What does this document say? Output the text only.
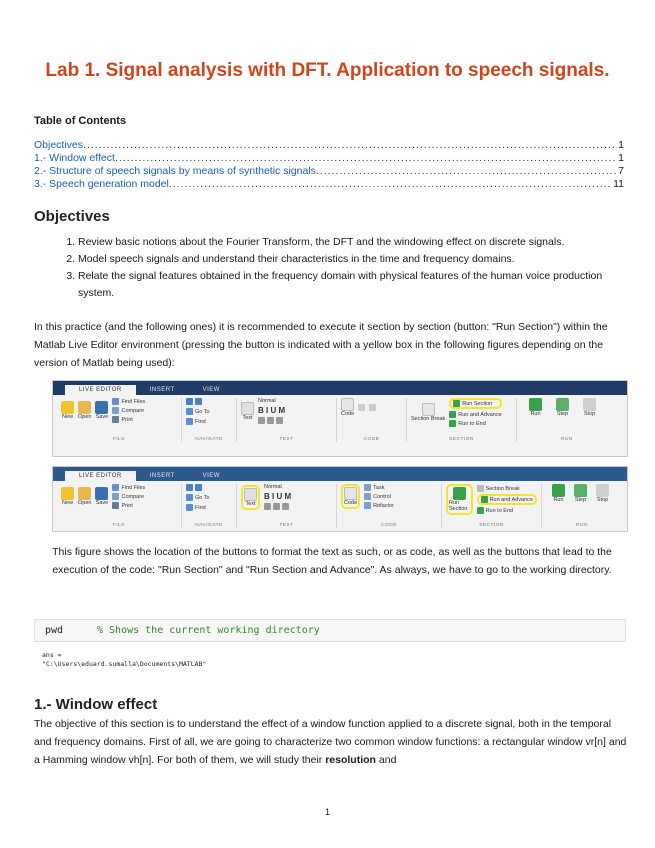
Lab 1. Signal analysis with DFT. Application to speech signals.
Table of Contents
Objectives .....	1
1.- Window effect .....	1
2.- Structure of speech signals by means of synthetic signals .....	7
3.- Speech generation model .....	11
Objectives
1. Review basic notions about the Fourier Transform, the DFT and the windowing effect on discrete signals.
2. Model speech signals and understand their characteristics in the time and frequency domains.
3. Relate the signal features obtained in the frequency domain with physical features of the human voice production system.
In this practice (and the following ones) it is recommended to execute it section by section (button: "Run Section") within the Matlab Live Editor environment (pressing the button is indicated with a yellow box in the following figures depending on the version of Matlab being used):
LIVE EDITOR	INSERT	VIEW
New Open Save
Find Files
Compare
Print
FILE
Go To
Find
NAVIGATE
Text
Normal
B I U M
TEXT
Code
CODE
Section Break
Run Section
Run and Advance
Run to End
SECTION
Run	Step	Stop
RUN
LIVE EDITOR	INSERT	VIEW
New Open Save
Find Files
Compare
Print
FILE
Go To
Find
NAVIGATE
Text
Normal
B I U M
TEXT
Code
Task
Control
Refactor
CODE
Run Section
Section Break
Run and Advance
Run to End
SECTION
Run Step Stop
RUN
This figure shows the location of the buttons to format the text as such, or as code, as well as the buttons that lead to the execution of the code: "Run Section" and "Run Section and Advance". As always, we have to go to the working directory.
pwd	% Shows the current working directory
ans =
"C:\Users\eduard.sumalla\Documents\MATLAB"
1.- Window effect
The objective of this section is to understand the effect of a window function applied to a discrete signal, both in the temporal and frequency domains. First of all, we are going to characterize two common window functions: a rectangular window vr[n] and a Hamming window vh[n]. For both of them, we will study their resolution and
1
